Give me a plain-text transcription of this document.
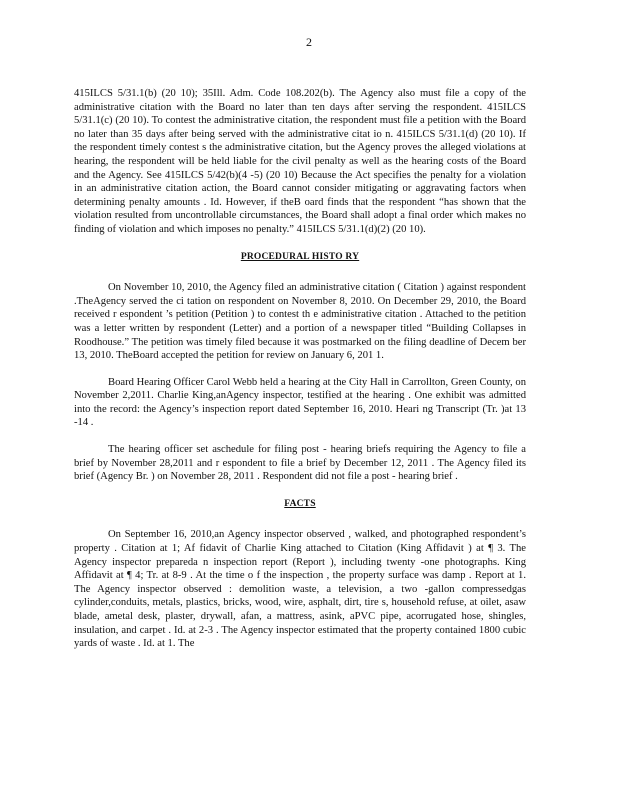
2

415ILCS 5/31.1(b) (20 10); 35Ill. Adm. Code 108.202(b). The Agency also must file a copy of the administrative citation with the Board no later than ten days after serving the respondent. 415ILCS 5/31.1(c) (20 10). To contest the administrative citation, the respondent must file a petition with the Board no later than 35 days after being served with the administrative citat io n. 415ILCS 5/31.1(d) (20 10). If the respondent timely contest s the administrative citation, but the Agency proves the alleged violations at hearing, the respondent will be held liable for the civil penalty as well as the hearing costs of the Board and the Agency. See 415ILCS 5/42(b)(4 -5) (20 10) Because the Act specifies the penalty for a violation in an administrative citation action, the Board cannot consider mitigating or aggravating factors when determining penalty amounts . Id. However, if theB oard finds that the respondent “has shown that the violation resulted from uncontrollable circumstances, the Board shall adopt a final order which makes no finding of violation and which imposes no penalty.” 415ILCS 5/31.1(d)(2) (20 10).

PROCEDURAL HISTO RY

On November 10, 2010, the Agency filed an administrative citation ( Citation ) against respondent .TheAgency served the ci tation on respondent on November 8, 2010. On December 29, 2010, the Board received r espondent ’s petition (Petition ) to contest th e administrative citation . Attached to the petition was a letter written by respondent (Letter) and a portion of a newspaper titled “Building Collapses in Roodhouse.” The petition was timely filed because it was postmarked on the filing deadline of Decem ber 13, 2010. TheBoard accepted the petition for review on January 6, 201 1.

Board Hearing Officer Carol Webb held a hearing at the City Hall in Carrollton, Green County, on November 2,2011. Charlie King,anAgency inspector, testified at the hearing . One exhibit was admitted into the record: the Agency’s inspection report dated September 16, 2010. Heari ng Transcript (Tr. )at 13 -14 .

The hearing officer set aschedule for filing post - hearing briefs requiring the Agency to file a brief by November 28,2011 and r espondent to file a brief by December 12, 2011 . The Agency filed its brief (Agency Br. ) on November 28, 2011 . Respondent did not file a post - hearing brief .

FACTS

On September 16, 2010,an Agency inspector observed , walked, and photographed respondent’s property . Citation at 1; Af fidavit of Charlie King attached to Citation (King Affidavit ) at ¶ 3. The Agency inspector prepareda n inspection report (Report ), including twenty -one photographs. King Affidavit at ¶ 4; Tr. at 8-9 . At the time o f the inspection , the property surface was damp . Report at 1. The Agency inspector observed : demolition waste, a television, a two -gallon compressedgas cylinder,conduits, metals, plastics, bricks, wood, wire, asphalt, dirt, tire s, household refuse, at oilet, asaw blade, ametal desk, plaster, drywall, afan, a mattress, asink, aPVC pipe, acorrugated hose, shingles, insulation, and carpet . Id. at 2-3 . The Agency inspector estimated that the property contained 1800 cubic yards of waste . Id. at 1. The
